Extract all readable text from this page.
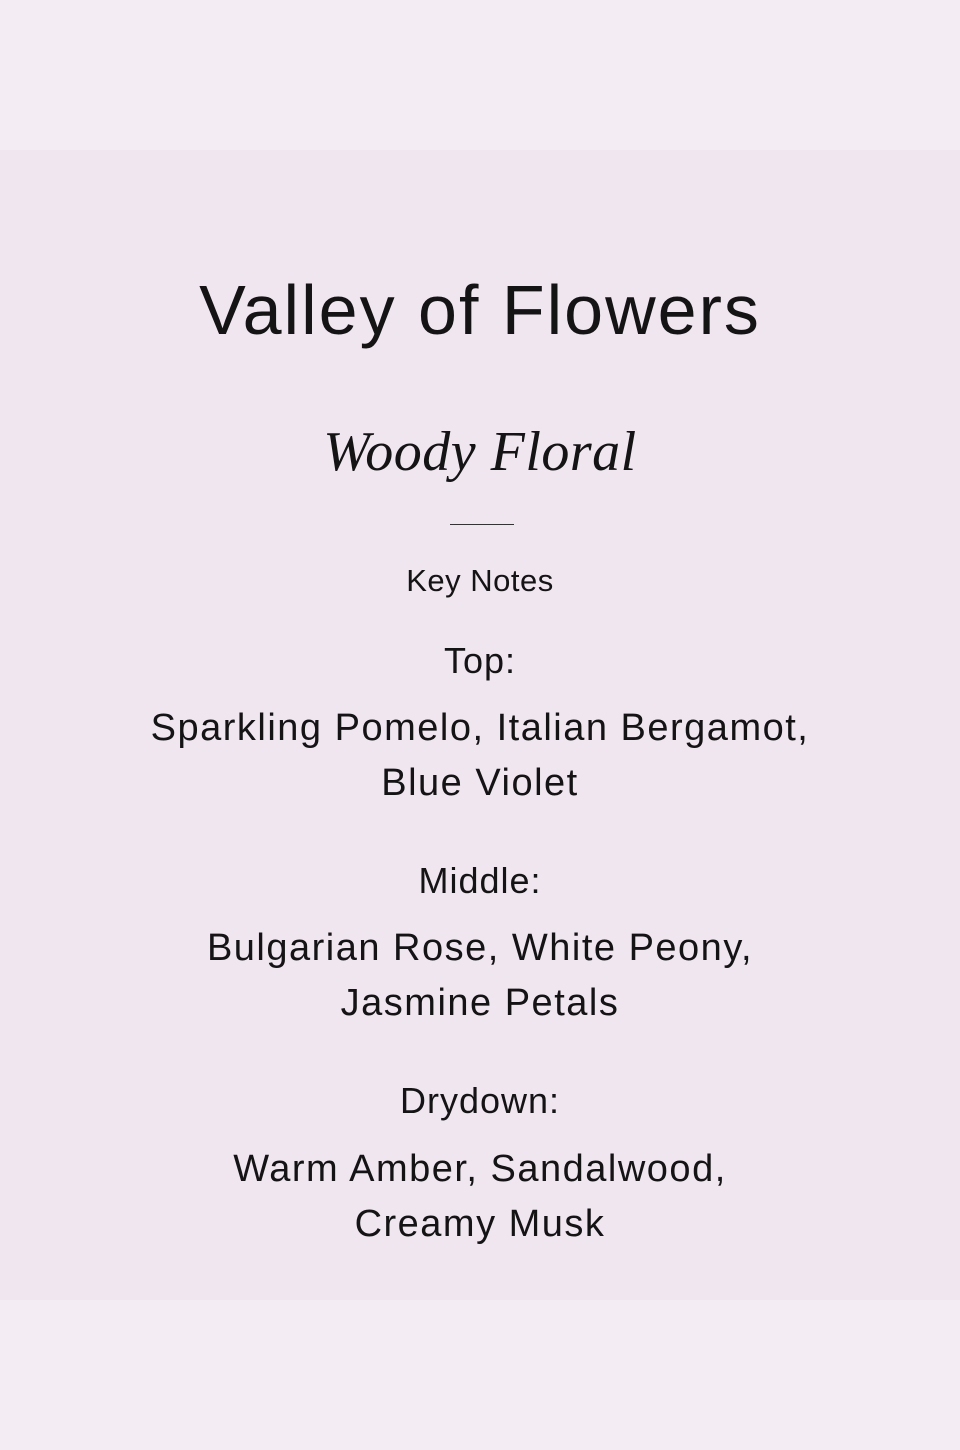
Valley of Flowers
Woody Floral
Key Notes
Top:
Sparkling Pomelo, Italian Bergamot,
Blue Violet
Middle:
Bulgarian Rose, White Peony,
Jasmine Petals
Drydown:
Warm Amber, Sandalwood,
Creamy Musk
